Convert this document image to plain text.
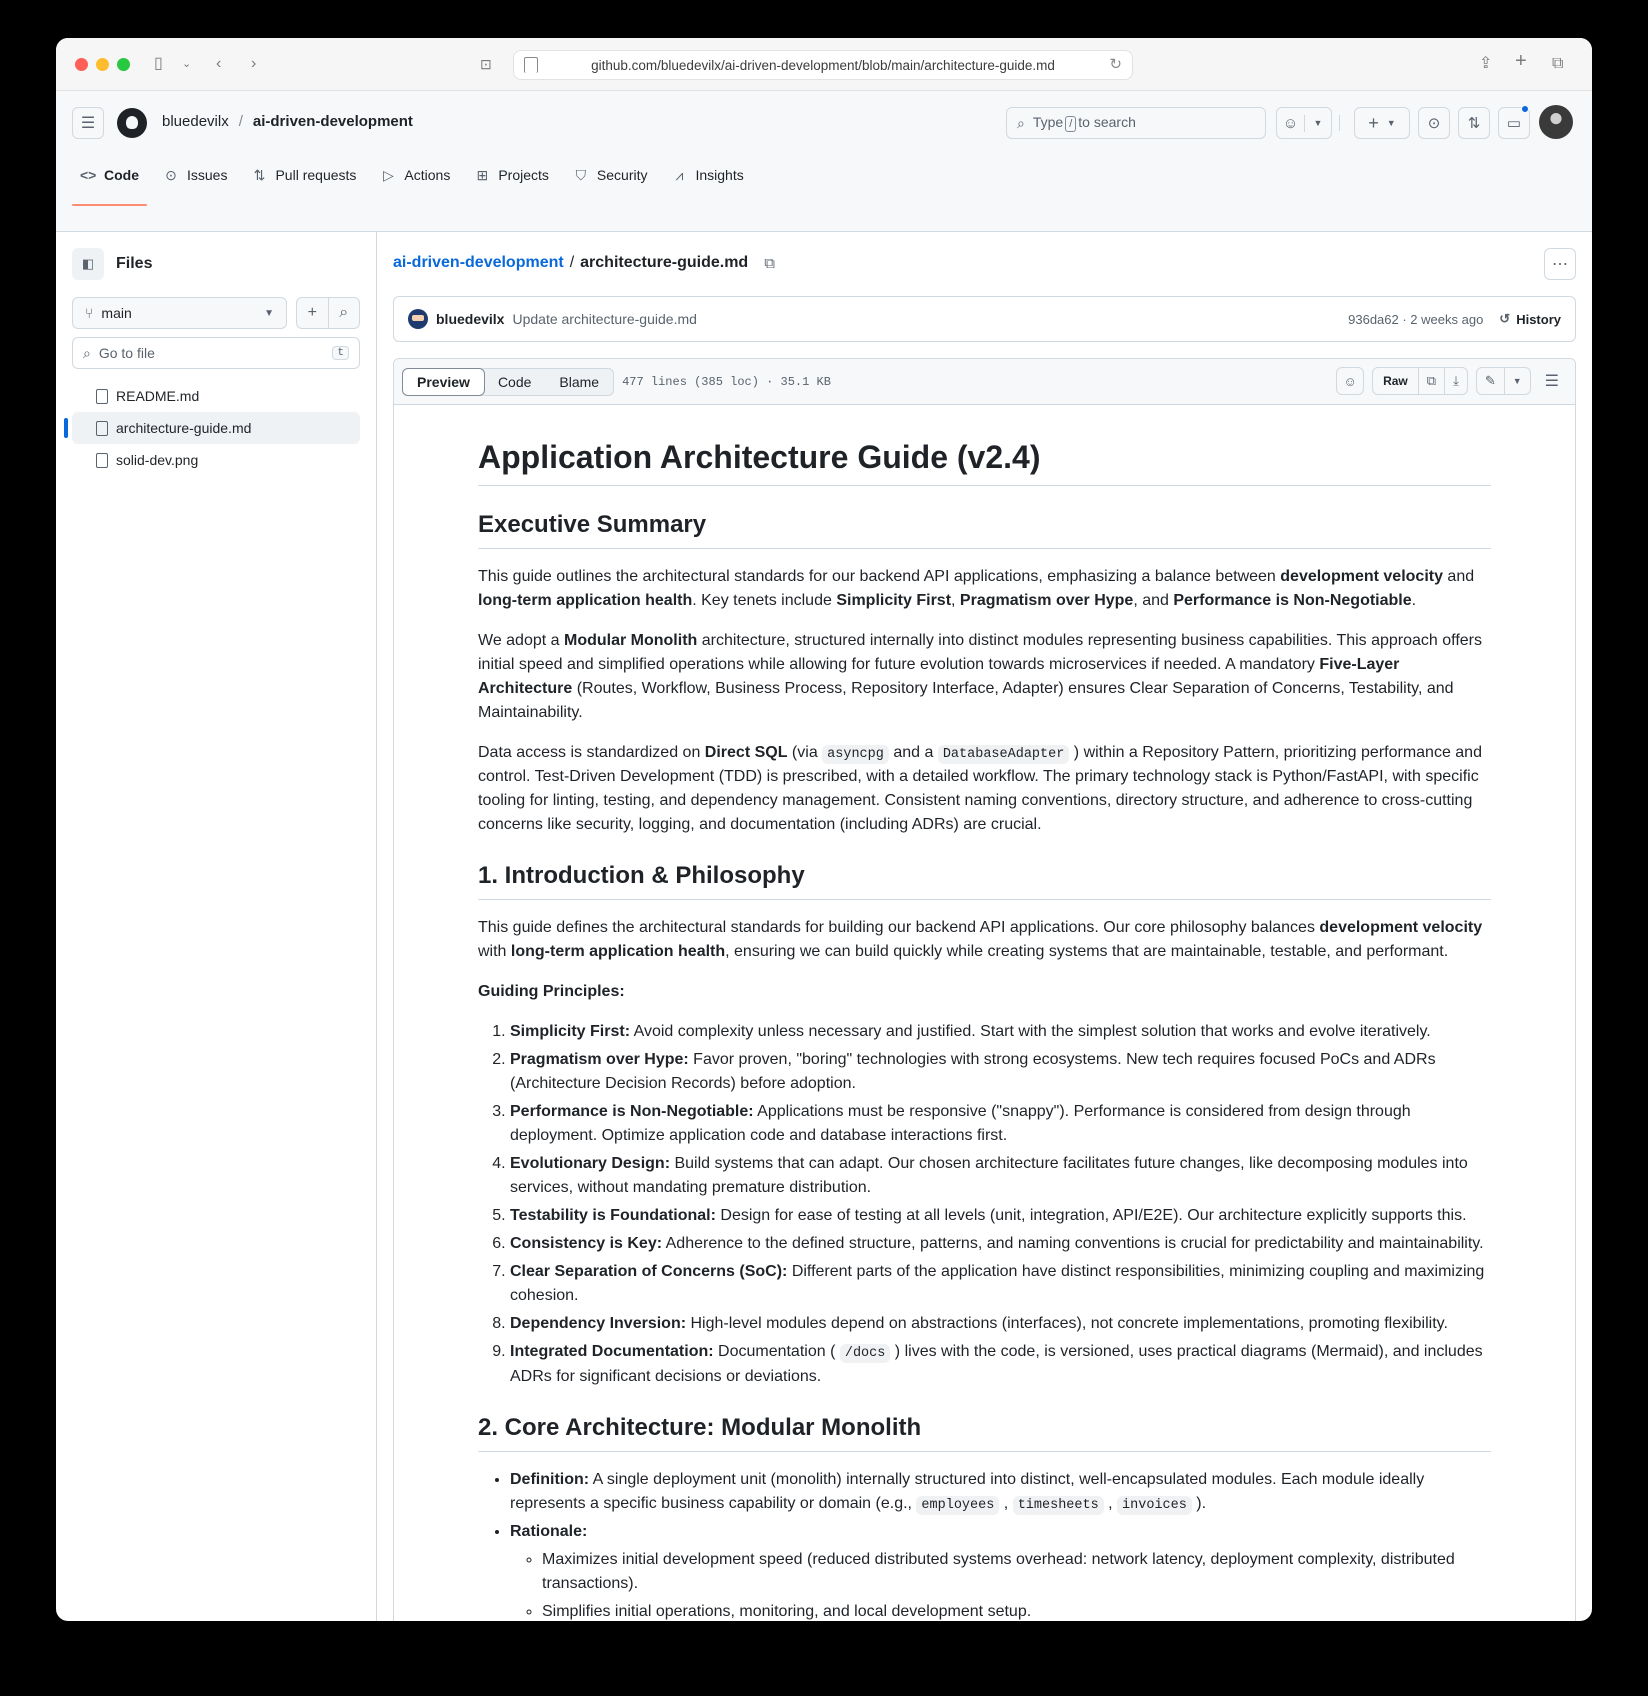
▯ ⌄ ‹ ›	⊡	github.com/bluedevilx/ai-driven-development/blob/main/architecture-guide.md	↻	⇪ + ⧉
☰	bluedevilx / ai-driven-development	⌕ Type / to search	☺	▼	+ ▼ ⊙ ⇅ ▭
<> Code ⊙ Issues ⇅ Pull requests ▷ Actions ⊞ Projects ⛉ Security ⩘ Insights
◧ Files
⑂ main	▼	+	⌕
⌕ Go to file	t
README.md
architecture-guide.md
solid-dev.png
ai-driven-development / architecture-guide.md ⧉	⋯
bluedevilx Update architecture-guide.md	936da62 · 2 weeks ago ↺ History
Preview	Code	Blame	477 lines (385 loc) · 35.1 KB	☺	Raw	⧉	⤓	✎	▼	☰
Application Architecture Guide (v2.4)
Executive Summary

This guide outlines the architectural standards for our backend API applications, emphasizing a balance between development velocity and long-term application health. Key tenets include Simplicity First, Pragmatism over Hype, and Performance is Non-Negotiable.

We adopt a Modular Monolith architecture, structured internally into distinct modules representing business capabilities. This approach offers initial speed and simplified operations while allowing for future evolution towards microservices if needed. A mandatory Five-Layer Architecture (Routes, Workflow, Business Process, Repository Interface, Adapter) ensures Clear Separation of Concerns, Testability, and Maintainability.

Data access is standardized on Direct SQL (via asyncpg and a DatabaseAdapter ) within a Repository Pattern, prioritizing performance and control. Test-Driven Development (TDD) is prescribed, with a detailed workflow. The primary technology stack is Python/FastAPI, with specific tooling for linting, testing, and dependency management. Consistent naming conventions, directory structure, and adherence to cross-cutting concerns like security, logging, and documentation (including ADRs) are crucial.

1. Introduction & Philosophy

This guide defines the architectural standards for building our backend API applications. Our core philosophy balances development velocity with long-term application health, ensuring we can build quickly while creating systems that are maintainable, testable, and performant.

Guiding Principles:

1. Simplicity First: Avoid complexity unless necessary and justified. Start with the simplest solution that works and evolve iteratively.
2. Pragmatism over Hype: Favor proven, "boring" technologies with strong ecosystems. New tech requires focused PoCs and ADRs (Architecture Decision Records) before adoption.
3. Performance is Non-Negotiable: Applications must be responsive ("snappy"). Performance is considered from design through deployment. Optimize application code and database interactions first.
4. Evolutionary Design: Build systems that can adapt. Our chosen architecture facilitates future changes, like decomposing modules into services, without mandating premature distribution.
5. Testability is Foundational: Design for ease of testing at all levels (unit, integration, API/E2E). Our architecture explicitly supports this.
6. Consistency is Key: Adherence to the defined structure, patterns, and naming conventions is crucial for predictability and maintainability.
7. Clear Separation of Concerns (SoC): Different parts of the application have distinct responsibilities, minimizing coupling and maximizing cohesion.
8. Dependency Inversion: High-level modules depend on abstractions (interfaces), not concrete implementations, promoting flexibility.
9. Integrated Documentation: Documentation ( /docs ) lives with the code, is versioned, uses practical diagrams (Mermaid), and includes ADRs for significant decisions or deviations.
2. Core Architecture: Modular Monolith
• Definition: A single deployment unit (monolith) internally structured into distinct, well-encapsulated modules. Each module ideally represents a specific business capability or domain (e.g., employees , timesheets , invoices ).
• Rationale:
◦ Maximizes initial development speed (reduced distributed systems overhead: network latency, deployment complexity, distributed transactions).
◦ Simplifies initial operations, monitoring, and local development setup.
